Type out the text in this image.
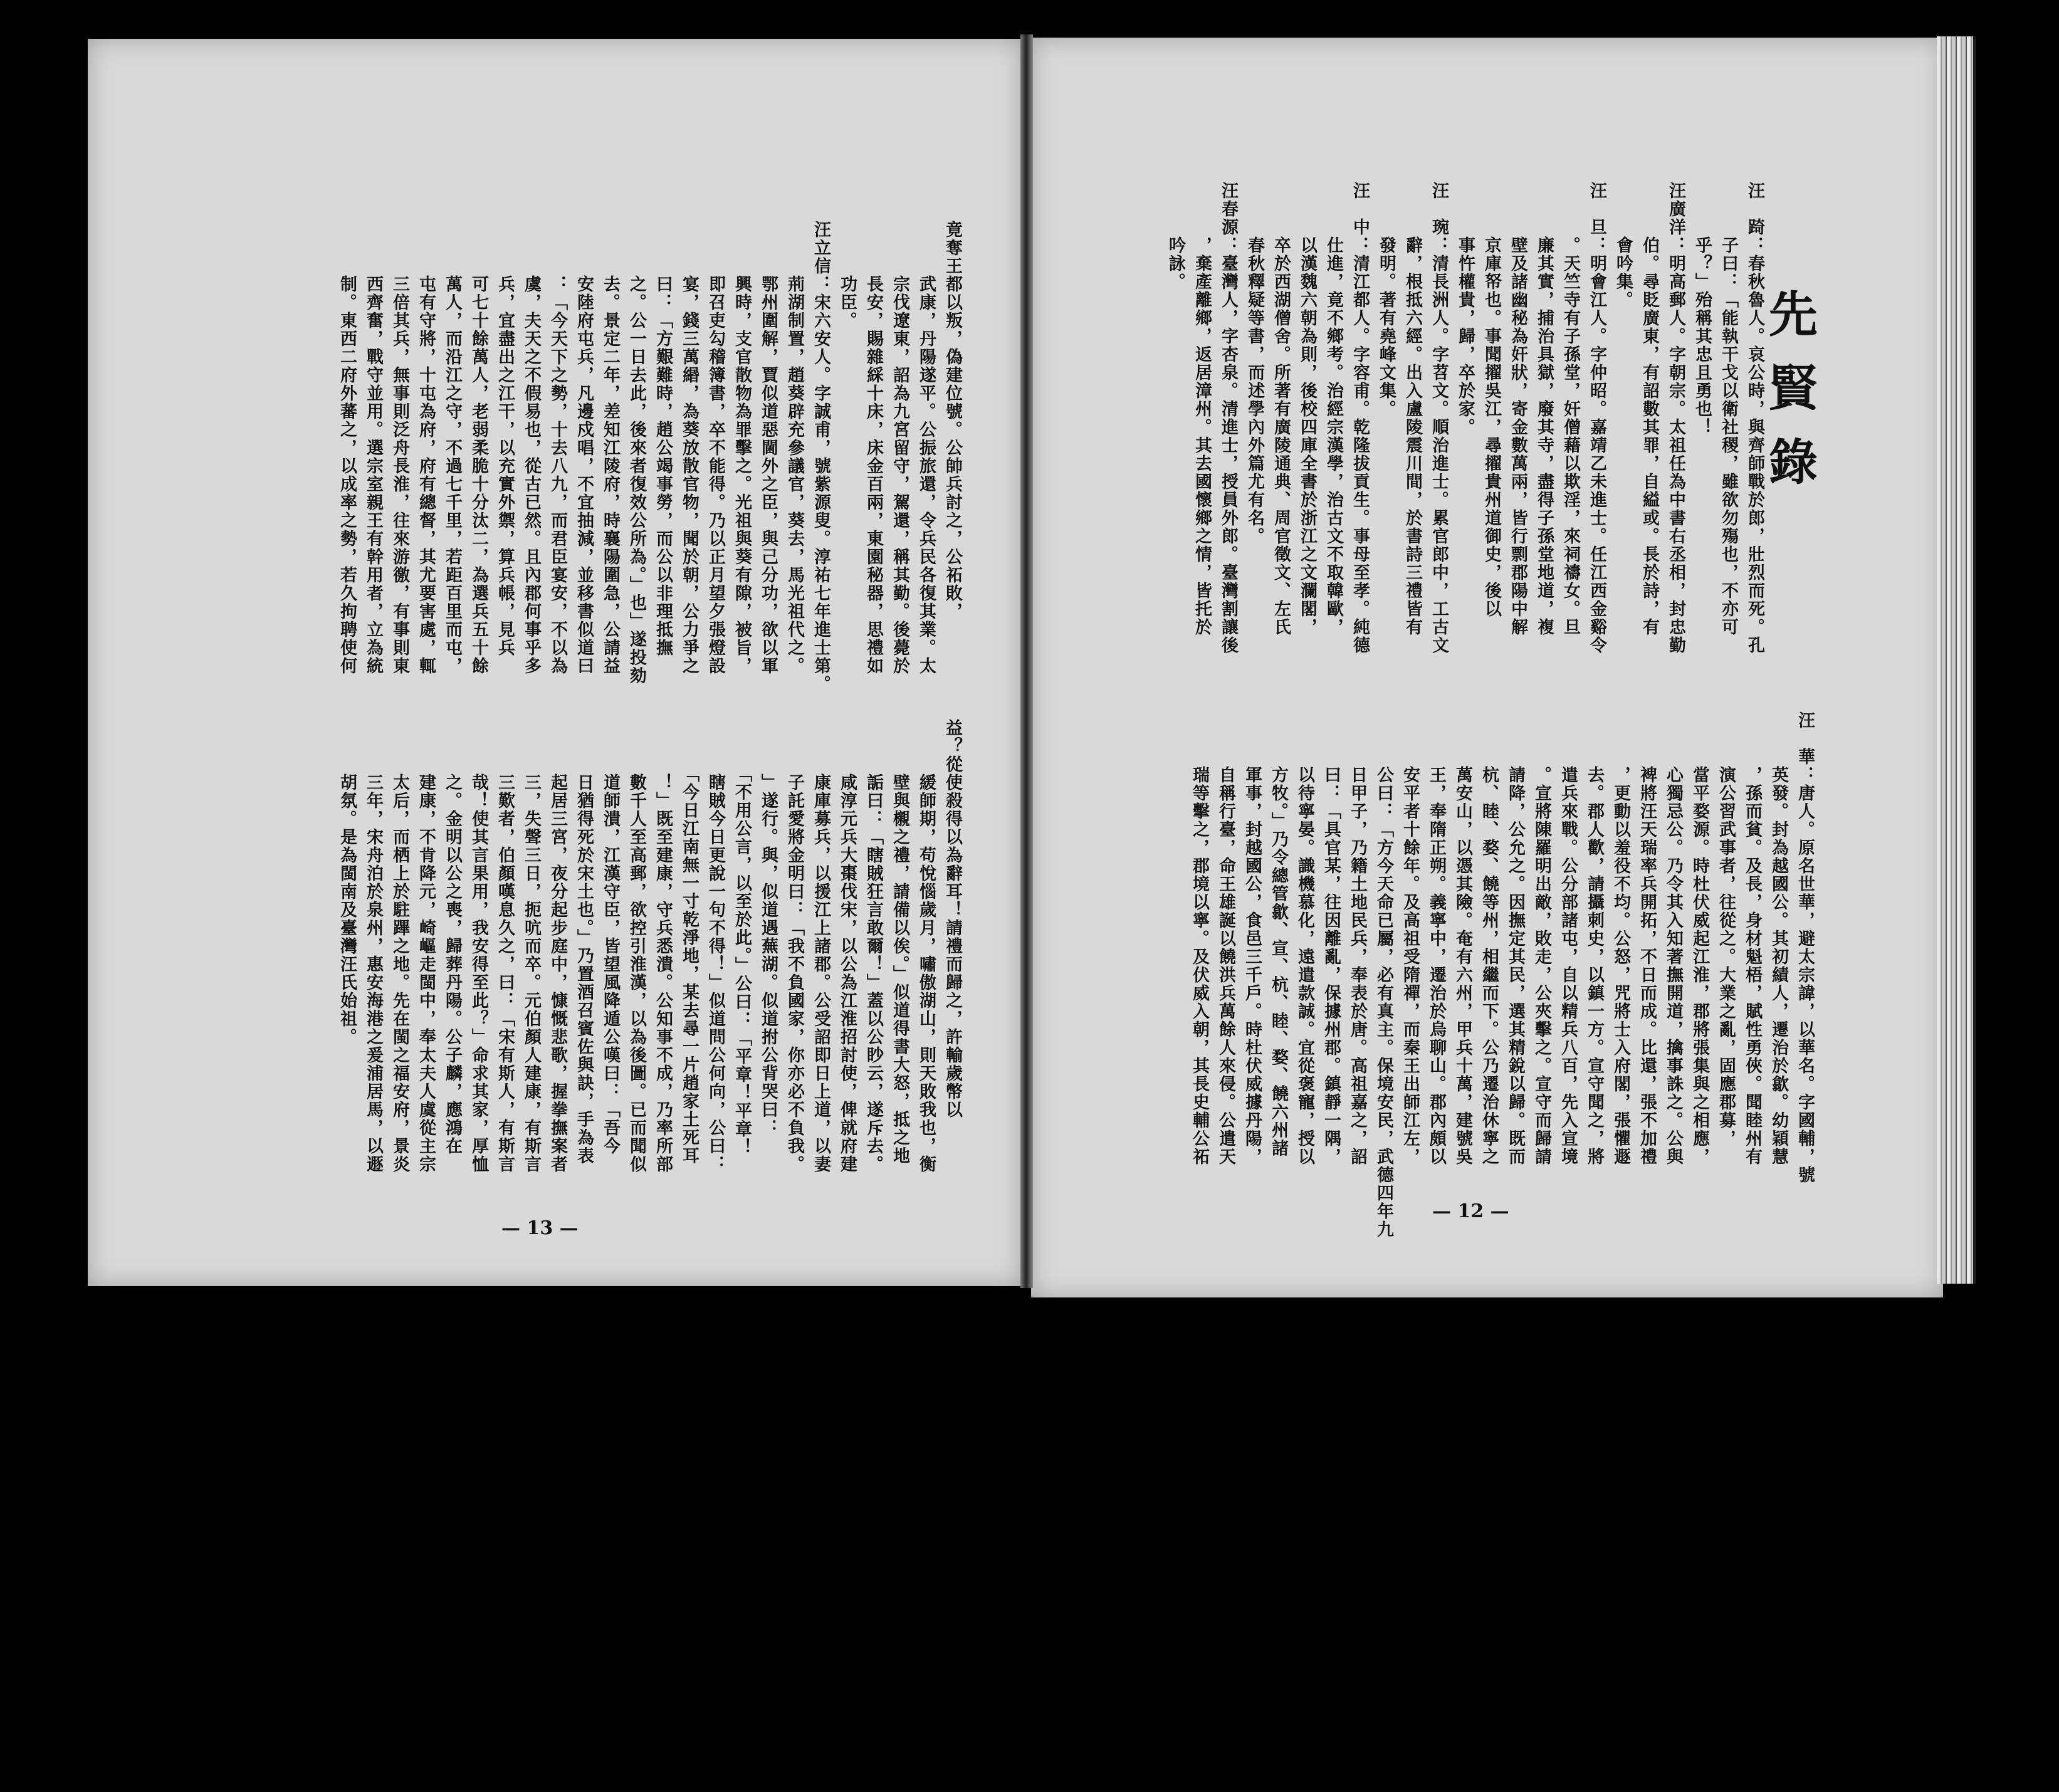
竟奪王都以叛，偽建位號。公帥兵討之，公祏敗，
　　　武康，丹陽遂平。公振旅還，令兵民各復其業。太
　　　宗伐遼東，詔為九宮留守，駕還，稱其勤。後薨於
　　　長安，賜雜綵十床，床金百兩，東園秘器，思禮如
　　　功臣。
汪立信：宋六安人。字誠甫，號紫源叟。淳祐七年進士第。
　　　荊湖制置，趙葵辟充參議官，葵去，馬光祖代之。
　　　鄂州圍解，賈似道惡閫外之臣，與己分功，欲以軍
　　　興時，支官散物為罪擊之。光祖與葵有隙，被旨，
　　　即召吏勾稽簿書，卒不能得。乃以正月望夕張燈設
　　　宴，錢三萬緡，為葵放散官物，聞於朝，公力爭之
　　　曰：「方艱難時，趙公竭事勞，而公以非理抵撫
　　　之。公一日去此，後來者復效公所為。」也」遂投劾
　　　去。景定二年，差知江陵府，時襄陽圍急，公請益
　　　安陸府屯兵，凡邊戍唱，不宜抽減，並移書似道曰
　　　：「今天下之勢，十去八九，而君臣宴安，不以為
　　　虞，夫天之不假易也，從古已然。且內郡何事乎多
　　　兵，宜盡出之江干，以充實外禦，算兵帳，見兵
　　　可七十餘萬人，老弱柔脆十分汰二，為選兵五十餘
　　　萬人，而沿江之守，不過七千里，若距百里而屯，
　　　屯有守將，十屯為府，府有總督，其尤要害處，輒
　　　三倍其兵，無事則泛舟長淮，往來游徼，有事則東
　　　西齊奮，戰守並用。選宗室親王有幹用者，立為統
　　　制。東西二府外蕃之，以成率之勢，若久拘聘使何
益？從使殺得以為辭耳！請禮而歸之，許輸歲幣以
　　　緩師期，苟悅惱歲月，嘯傲湖山，則天敗我也，衡
　　　壁與櫬之禮，請備以俟。」似道得書大怒，抵之地
　　　詬曰：「瞎賊狂言敢爾！」蓋以公眇云，遂斥去。
　　　咸淳元兵大棗伐宋，以公為江淮招討使，俾就府建
　　　康庫募兵，以援江上諸郡。公受詔即日上道，以妻
　　　子託愛將金明曰：「我不負國家，你亦必不負我。
　　　」遂行。與，似道遇蕪湖。似道拊公背哭曰：
　　　「不用公言，以至於此。」公曰：「平章！平章！
　　　瞎賊今日更說一句不得！」似道問公何向，公曰：
　　　「今日江南無一寸乾淨地，某去尋一片趙家土死耳
　　　！」既至建康，守兵悉潰。公知事不成，乃率所部
　　　數千人至高郵，欲控引淮漢，以為後圖。已而聞似
　　　道師潰，江漢守臣，皆望風降遁公嘆曰：「吾今
　　　日猶得死於宋土也。」乃置酒召賓佐與訣，手為表
　　　起居三宮，夜分起步庭中，慷慨悲歌，握拳撫案者
　　　三，失聲三日，扼吭而卒。元伯顏人建康，有斯言
　　　三歎者，伯顏嘆息久之，曰：「宋有斯人，有斯言
　　　哉！使其言果用，我安得至此？」命求其家，厚恤
　　　之。金明以公之喪，歸葬丹陽。公子麟，應鴻在
　　　建康，不肯降元，崎嶇走閩中，奉太夫人虞從主宗
　　　太后，而栖上於駐蹕之地。先在閩之福安府，景炎
　　　三年，宋舟泊於泉州，惠安海港之爰浦居馬，以遯
　　　胡氛。是為閩南及臺灣汪氏始祖。
— 13 —
先賢錄
汪　踦：春秋魯人。哀公時，與齊師戰於郎，壯烈而死。孔
　　　子曰：「能執干戈以衛社稷，雖欲勿殤也，不亦可
　　　乎？」殆稱其忠且勇也！
汪廣洋：明高郵人。字朝宗。太祖任為中書右丞相，封忠勤
　　　伯。尋貶廣東，有詔數其罪，自縊或。長於詩，有
　　　會吟集。
汪　旦：明會江人。字仲昭。嘉靖乙未進士。任江西金谿令
　　　。天竺寺有子孫堂，奸僧藉以欺淫，來祠禱女。旦
　　　廉其實，捕治具獄，廢其寺，盡得子孫堂地道，複
　　　壁及諸幽秘為奸狀，寄金數萬兩，皆行剽郡陽中解
　　　京庫帑也。事聞擢吳江，尋擢貴州道御史，後以
　　　事忤權貴，歸，卒於家。
汪　琬：清長洲人。字苕文。順治進士。累官郎中，工古文
　　　辭，根抵六經。出入盧陵震川間，於書詩三禮皆有
　　　發明。著有堯峰文集。
汪　中：清江都人。字容甫。乾隆拔貢生。事母至孝。純德
　　　仕進，竟不鄉考。治經宗漢學，治古文不取韓歐，
　　　以漢魏六朝為則，後校四庫全書於浙江之文瀾閣，
　　　卒於西湖僧舍。所著有廣陵通典、周官徵文、左氏
　　　春秋釋疑等書，而述學內外篇尤有名。
汪春源：臺灣人，字杏泉。清進士，授員外郎。臺灣割讓後
　　　，棄產離鄉，返居漳州。其去國懷鄉之情，皆托於
　　　吟詠。
汪　華：唐人。原名世華，避太宗諱，以華名。字國輔，號
　　　英發。封為越國公。其初績人，遷治於歙。幼穎慧
　　　，孫而貧。及長，身材魁梧，賦性勇俠。聞睦州有
　　　演公習武事者，往從之。大業之亂，固應郡募，
　　　當平婺源。時杜伏威起江淮，郡將張集與之相應，
　　　心獨忌公。乃令其入知著撫開道，擒事誅之。公與
　　　裨將汪天瑞率兵開拓，不日而成。比還，張不加禮
　　　，更動以羞役不均。公怒，咒將士入府閣，張懼遯
　　　去。郡人歡，請攝刺史，以鎮一方。宣守聞之，將
　　　遣兵來戰。公分部諸屯，自以精兵八百，先入宣境
　　　。宣將陳羅明出敵，敗走，公夾擊之。宣守而歸請
　　　請降，公允之。因撫定其民，選其精銳以歸。既而
　　　杭、睦、婺、饒等州，相繼而下。公乃遷治休寧之
　　　萬安山，以憑其險。奄有六州，甲兵十萬，建號吳
　　　王，奉隋正朔。義寧中，遷治於烏聊山。郡內頗以
　　　安平者十餘年。及高祖受隋禪，而秦王出師江左，
　　　公曰：「方今天命已屬，必有真主。保境安民，武德四年九
　　　日甲子，乃籍土地民兵，奉表於唐。高祖嘉之，詔
　　　曰：「具官某，往因離亂，保據州郡。鎮靜一隅，
　　　以待寧晏。識機慕化，遠遣款誠。宜從褒寵，授以
　　　方牧。」乃令總管歙、宣、杭、睦、婺、饒六州諸
　　　軍事，封越國公，食邑三千戶。時杜伏威據丹陽，
　　　自稱行臺，命王雄誕以饒洪兵萬餘人來侵。公遣天
　　　瑞等擊之，郡境以寧。及伏威入朝，其長史輔公祏
— 12 —
